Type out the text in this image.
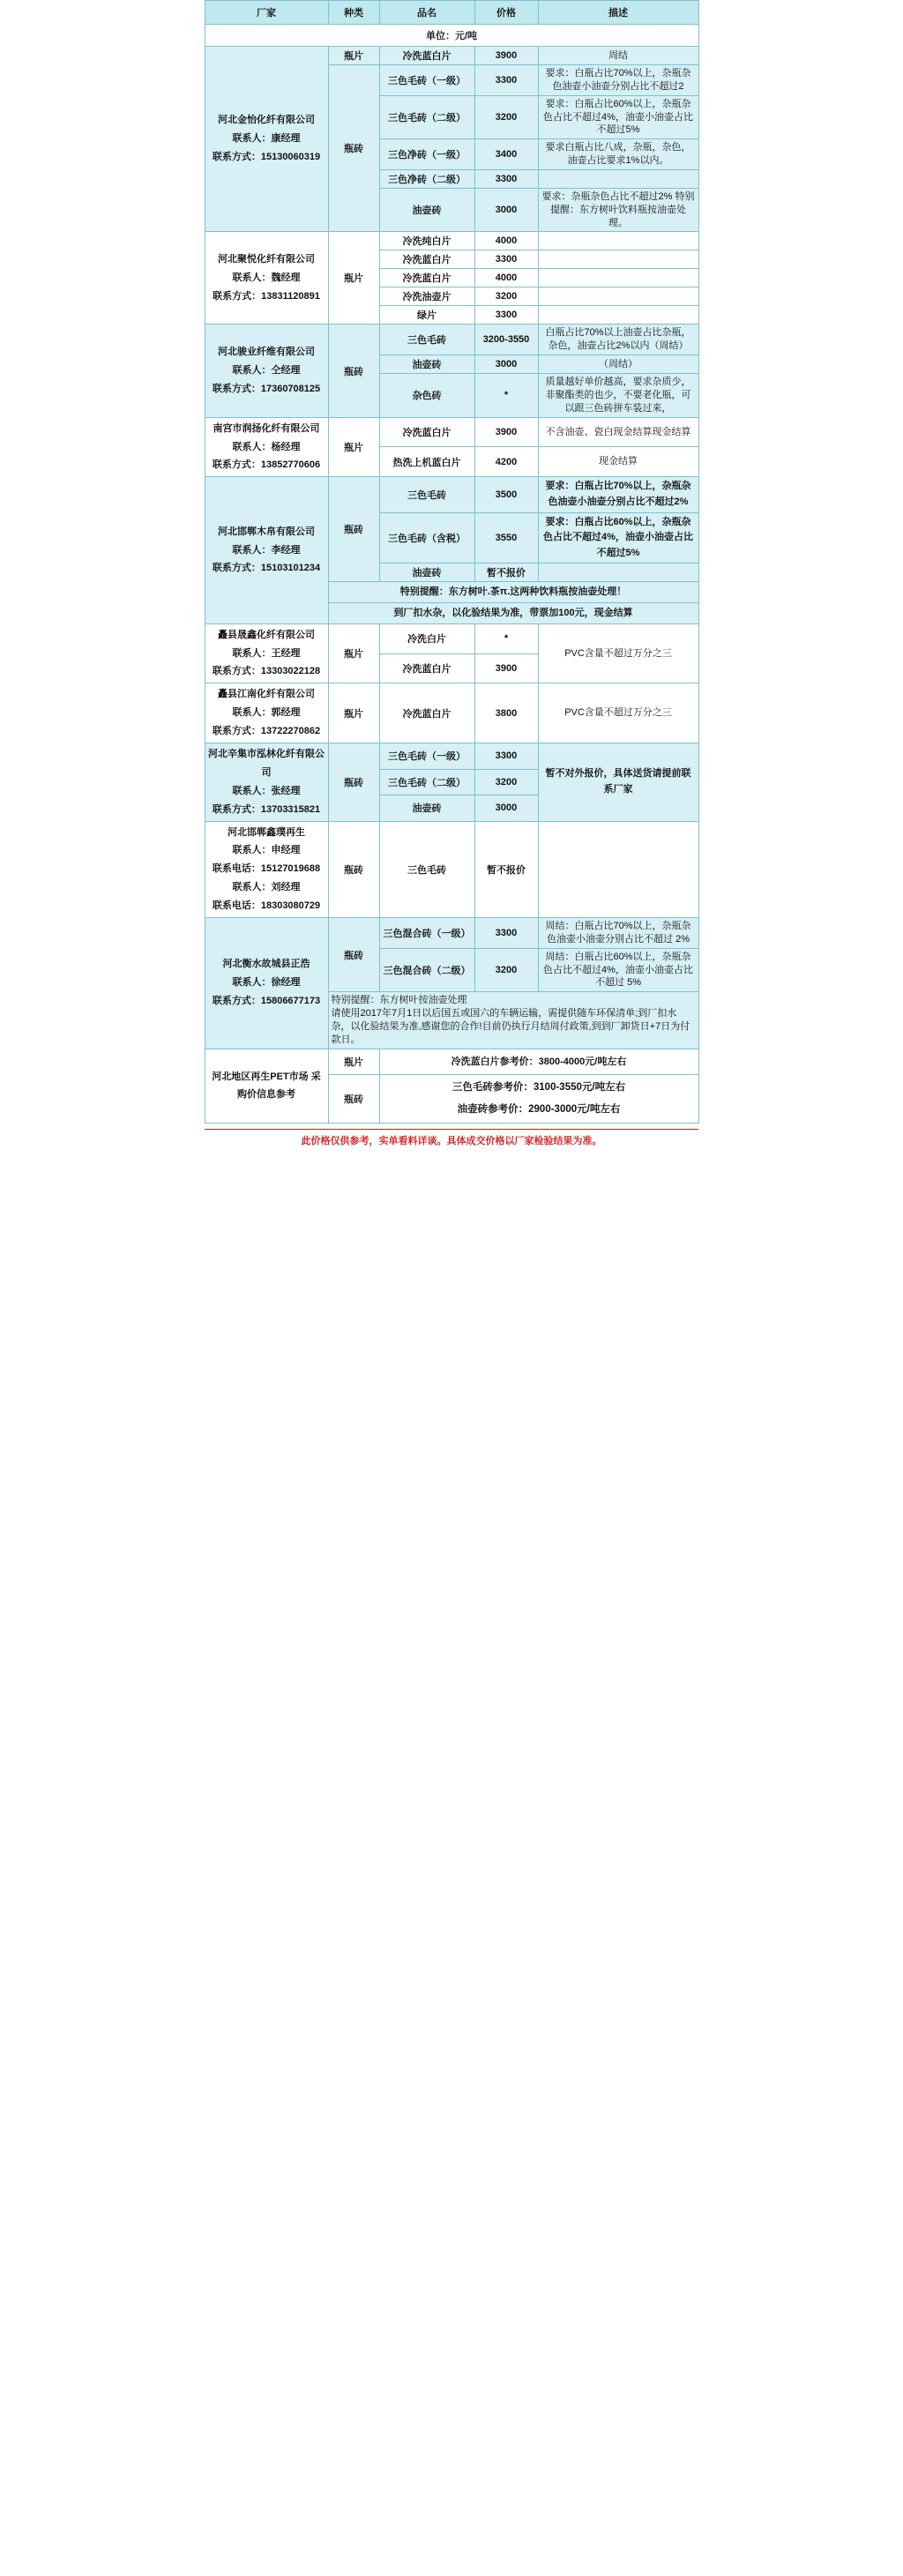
厂家	种类	品名	价格	描述
单位：元/吨				

河北金怡化纤有限公司
联系人：康经理
联系方式：15130060319	瓶片	冷洗蓝白片	3900	周结
	瓶砖	三色毛砖（一级）	3300	要求：白瓶占比70%以上，杂瓶杂色油壶小油壶分别占比不超过2
		三色毛砖（二级）	3200	要求：白瓶占比60%以上，杂瓶杂色占比不超过4%，油壶小油壶占比不超过5%
		三色净砖（一级）	3400	要求白瓶占比八成，杂瓶，杂色，油壶占比要求1%以内。
		三色净砖（二级）	3300	
		油壶砖	3000	要求：杂瓶杂色占比不超过2% 特别提醒：东方树叶饮料瓶按油壶处理。

河北聚悦化纤有限公司
联系人：魏经理
联系方式：13831120891	瓶片	冷洗纯白片	4000	
		冷洗蓝白片	3300	
		冷洗蓝白片	4000	
		冷洗油壶片	3200	
		绿片	3300	

河北骏业纤维有限公司
联系人：仝经理
联系方式：17360708125	瓶砖	三色毛砖	3200-3550	白瓶占比70%以上油壶占比杂瓶，杂色，油壶占比2%以内（周结）
		油壶砖	3000	（周结）
		杂色砖	*	质量越好单价越高，要求杂质少，非聚酯类的也少，不要老化瓶，可以跟三色砖拼车装过来，

南宫市润扬化纤有限公司
联系人：杨经理
联系方式：13852770606	瓶片	冷洗蓝白片	3900	不含油壶、瓷白现金结算现金结算
		热洗上机蓝白片	4200	现金结算

河北邯郸木帛有限公司
联系人：李经理
联系方式：15103101234	瓶砖	三色毛砖	3500	要求：白瓶占比70%以上，杂瓶杂色油壶小油壶分别占比不超过2%
		三色毛砖（含税）	3550	要求：白瓶占比60%以上，杂瓶杂色占比不超过4%，油壶小油壶占比不超过5%
		油壶砖	暂不报价	
	特别提醒：东方树叶.茶π.这两种饮料瓶按油壶处理！			
	到厂扣水杂，以化验结果为准，带票加100元，现金结算			

矗县晟鑫化纤有限公司
联系人：王经理
联系方式：13303022128	瓶片	冷洗白片	*	PVC含量不超过万分之三
		冷洗蓝白片	3900	

矗县江南化纤有限公司
联系人：郭经理
联系方式：13722270862	瓶片	冷洗蓝白片	3800	PVC含量不超过万分之三

河北辛集市泓林化纤有限公司
联系人：张经理
联系方式：13703315821	瓶砖	三色毛砖（一级）	3300	暂不对外报价，具体送货请提前联系厂家
		三色毛砖（二级）	3200	
		油壶砖	3000	

河北邯郸鑫璞再生
联系人：申经理
联系电话：15127019688
联系人：刘经理
联系电话：18303080729	瓶砖	三色毛砖	暂不报价	

河北衡水故城县正浩
联系人：徐经理
联系方式：15806677173	瓶砖	三色混合砖（一级）	3300	周结：白瓶占比70%以上，杂瓶杂色油壶小油壶分别占比不超过 2%
		三色混合砖（二级）	3200	周结：白瓶占比60%以上，杂瓶杂色占比不超过4%，油壶小油壶占比不超过 5%

	特别提醒：东方树叶按油壶处理
请使用2017年7月1日以后国五或国六的车辆运输，需提供随车环保清单;到厂扣水杂，以化验结果为准,感谢您的合作!目前仍执行月结周付政策,到到厂卸货日+7日为付款日。			

河北地区再生PET市场 采购价信息参考	瓶片	冷洗蓝白片参考价：3800-4000元/吨左右		
	瓶砖	三色毛砖参考价：3100-3550元/吨左右
油壶砖参考价：2900-3000元/吨左右		
此价格仅供参考，实单看料详谈。具体成交价格以厂家检验结果为准。
